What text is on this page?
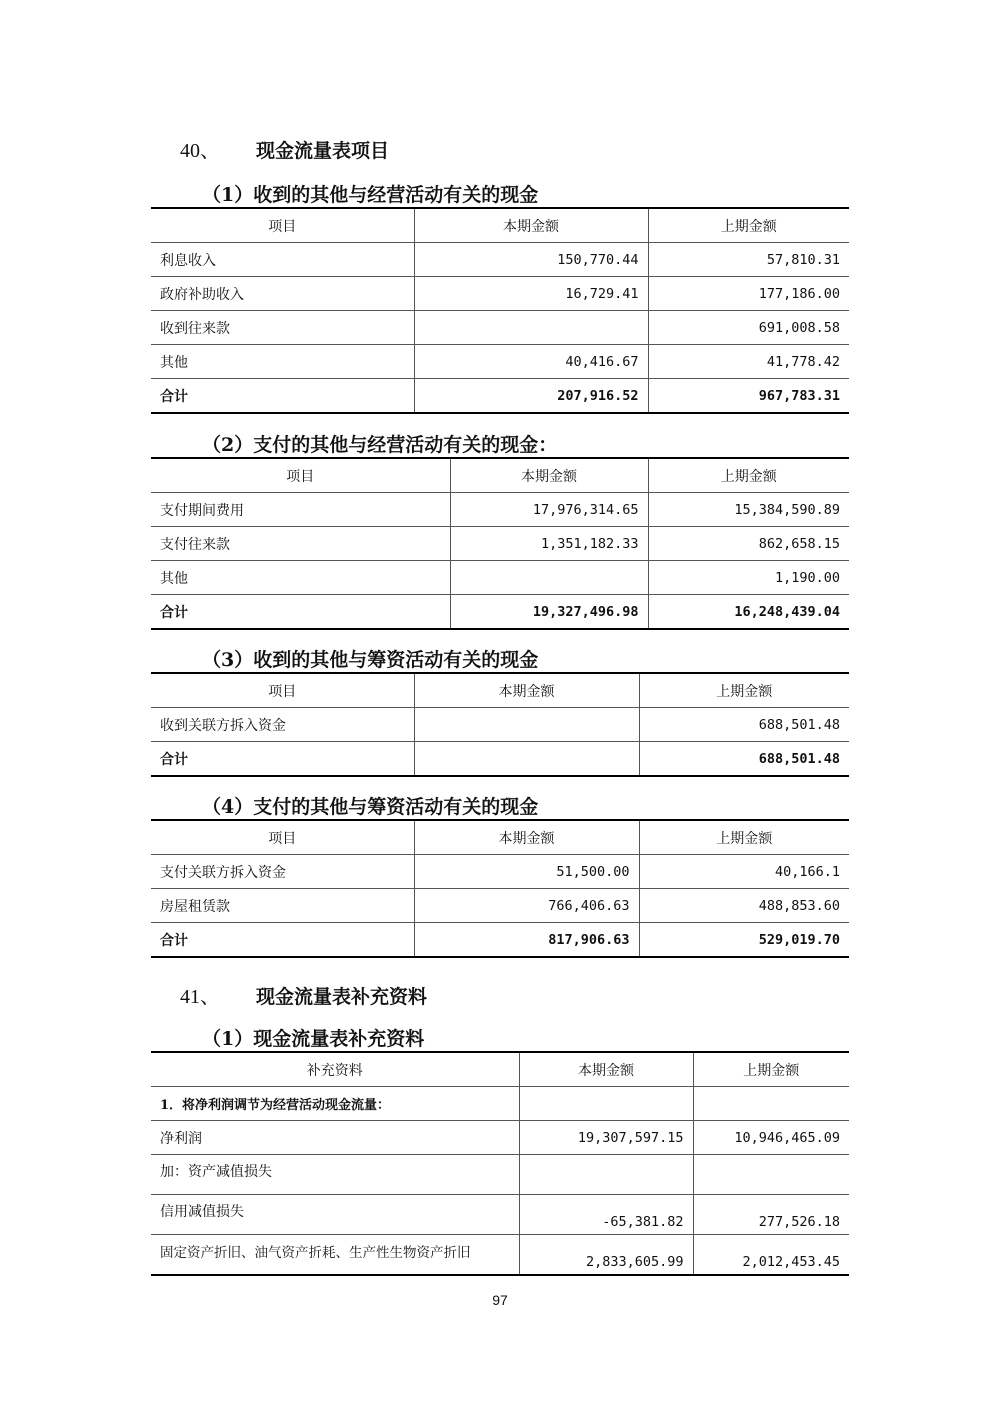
40、 现金流量表项目
（1）收到的其他与经营活动有关的现金
项目	本期金额	上期金额
利息收入	150,770.44	57,810.31
政府补助收入	16,729.41	177,186.00
收到往来款		691,008.58
其他	40,416.67	41,778.42
合计	207,916.52	967,783.31
（2）支付的其他与经营活动有关的现金：
项目	本期金额	上期金额
支付期间费用	17,976,314.65	15,384,590.89
支付往来款	1,351,182.33	862,658.15
其他		1,190.00
合计	19,327,496.98	16,248,439.04
（3）收到的其他与筹资活动有关的现金
项目	本期金额	上期金额
收到关联方拆入资金		688,501.48
合计		688,501.48
（4）支付的其他与筹资活动有关的现金
项目	本期金额	上期金额
支付关联方拆入资金	51,500.00	40,166.1
房屋租赁款	766,406.63	488,853.60
合计	817,906.63	529,019.70
41、 现金流量表补充资料
（1）现金流量表补充资料
补充资料	本期金额	上期金额
1．将净利润调节为经营活动现金流量：		
净利润	19,307,597.15	10,946,465.09
加：资产减值损失		
信用减值损失	-65,381.82	277,526.18
固定资产折旧、油气资产折耗、生产性生物资产折旧	2,833,605.99	2,012,453.45
97
